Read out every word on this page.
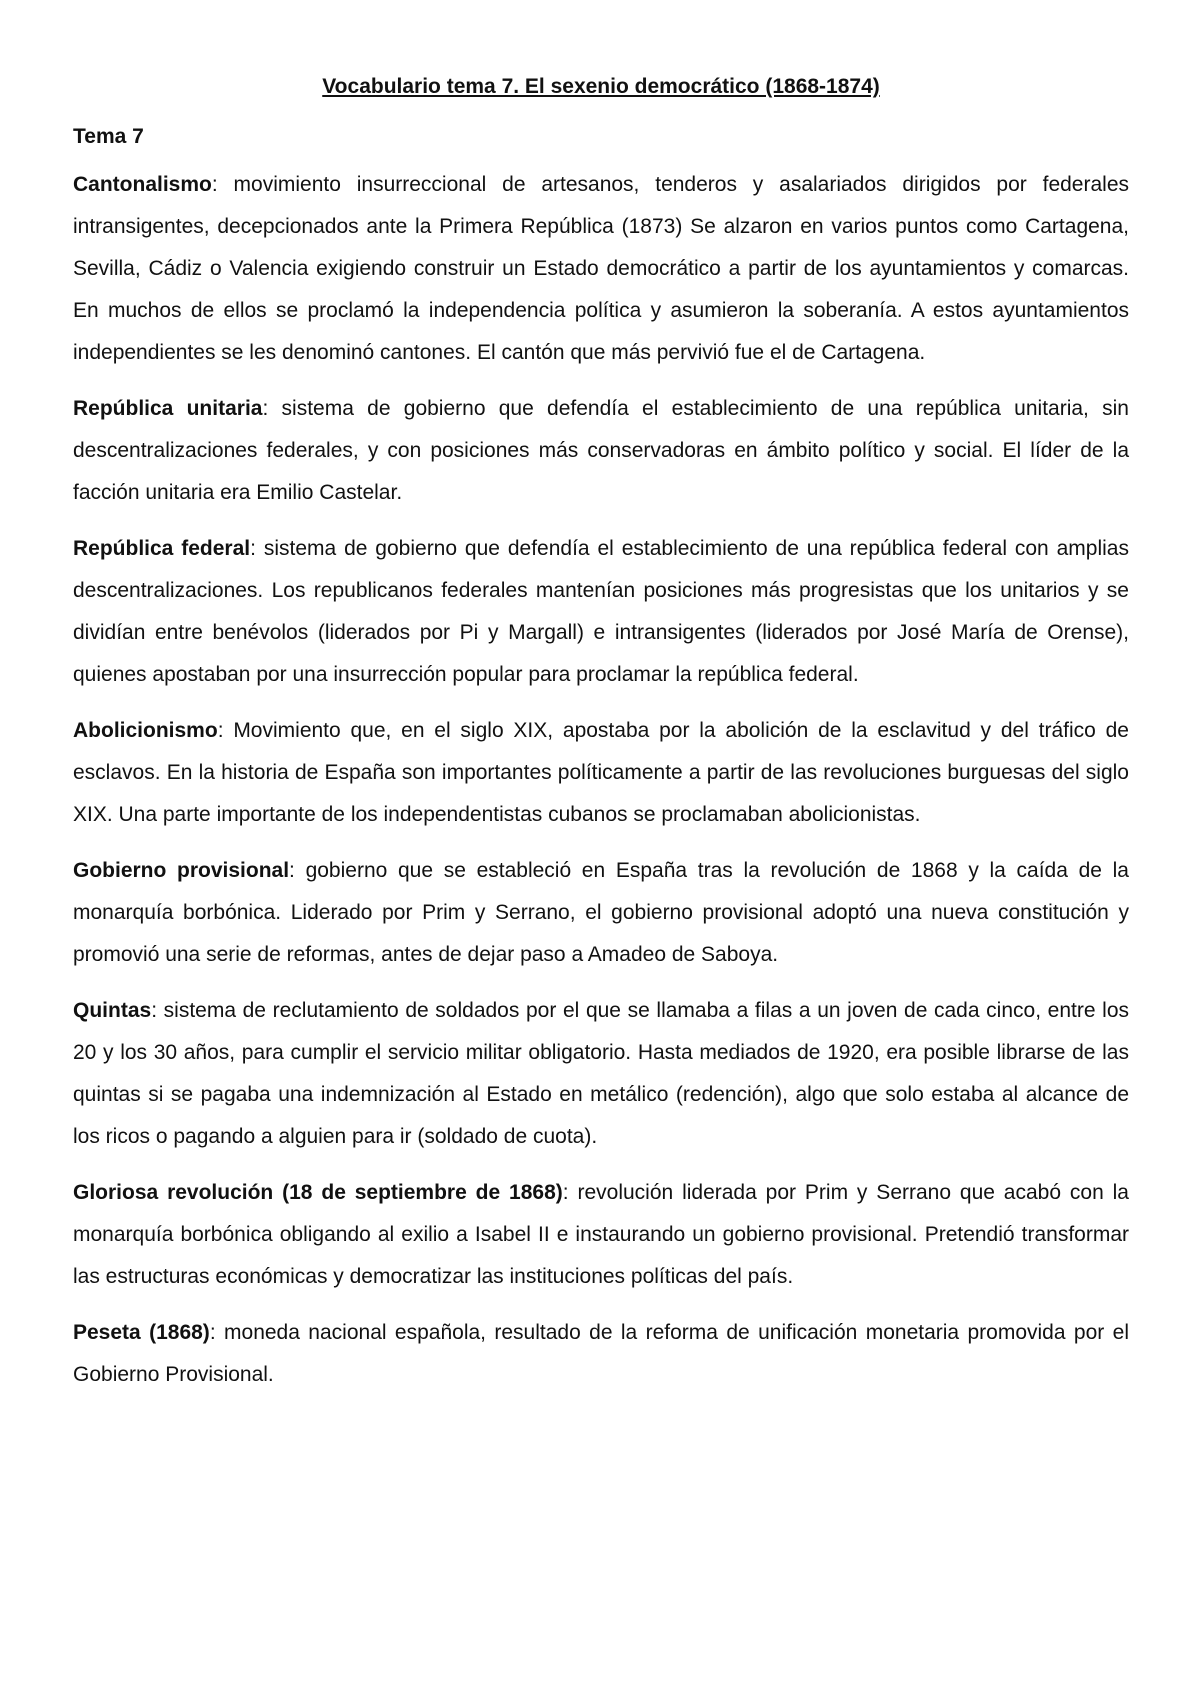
Vocabulario tema 7. El sexenio democrático (1868-1874)
Tema 7

Cantonalismo: movimiento insurreccional de artesanos, tenderos y asalariados dirigidos por federales intransigentes, decepcionados ante la Primera República (1873) Se alzaron en varios puntos como Cartagena, Sevilla, Cádiz o Valencia exigiendo construir un Estado democrático a partir de los ayuntamientos y comarcas. En muchos de ellos se proclamó la independencia política y asumieron la soberanía. A estos ayuntamientos independientes se les denominó cantones. El cantón que más pervivió fue el de Cartagena.

República unitaria: sistema de gobierno que defendía el establecimiento de una república unitaria, sin descentralizaciones federales, y con posiciones más conservadoras en ámbito político y social. El líder de la facción unitaria era Emilio Castelar.

República federal: sistema de gobierno que defendía el establecimiento de una república federal con amplias descentralizaciones. Los republicanos federales mantenían posiciones más progresistas que los unitarios y se dividían entre benévolos (liderados por Pi y Margall) e intransigentes (liderados por José María de Orense), quienes apostaban por una insurrección popular para proclamar la república federal.

Abolicionismo: Movimiento que, en el siglo XIX, apostaba por la abolición de la esclavitud y del tráfico de esclavos. En la historia de España son importantes políticamente a partir de las revoluciones burguesas del siglo XIX. Una parte importante de los independentistas cubanos se proclamaban abolicionistas.

Gobierno provisional: gobierno que se estableció en España tras la revolución de 1868 y la caída de la monarquía borbónica. Liderado por Prim y Serrano, el gobierno provisional adoptó una nueva constitución y promovió una serie de reformas, antes de dejar paso a Amadeo de Saboya.

Quintas: sistema de reclutamiento de soldados por el que se llamaba a filas a un joven de cada cinco, entre los 20 y los 30 años, para cumplir el servicio militar obligatorio. Hasta mediados de 1920, era posible librarse de las quintas si se pagaba una indemnización al Estado en metálico (redención), algo que solo estaba al alcance de los ricos o pagando a alguien para ir (soldado de cuota).

Gloriosa revolución (18 de septiembre de 1868): revolución liderada por Prim y Serrano que acabó con la monarquía borbónica obligando al exilio a Isabel II e instaurando un gobierno provisional. Pretendió transformar las estructuras económicas y democratizar las instituciones políticas del país.

Peseta (1868): moneda nacional española, resultado de la reforma de unificación monetaria promovida por el Gobierno Provisional.
